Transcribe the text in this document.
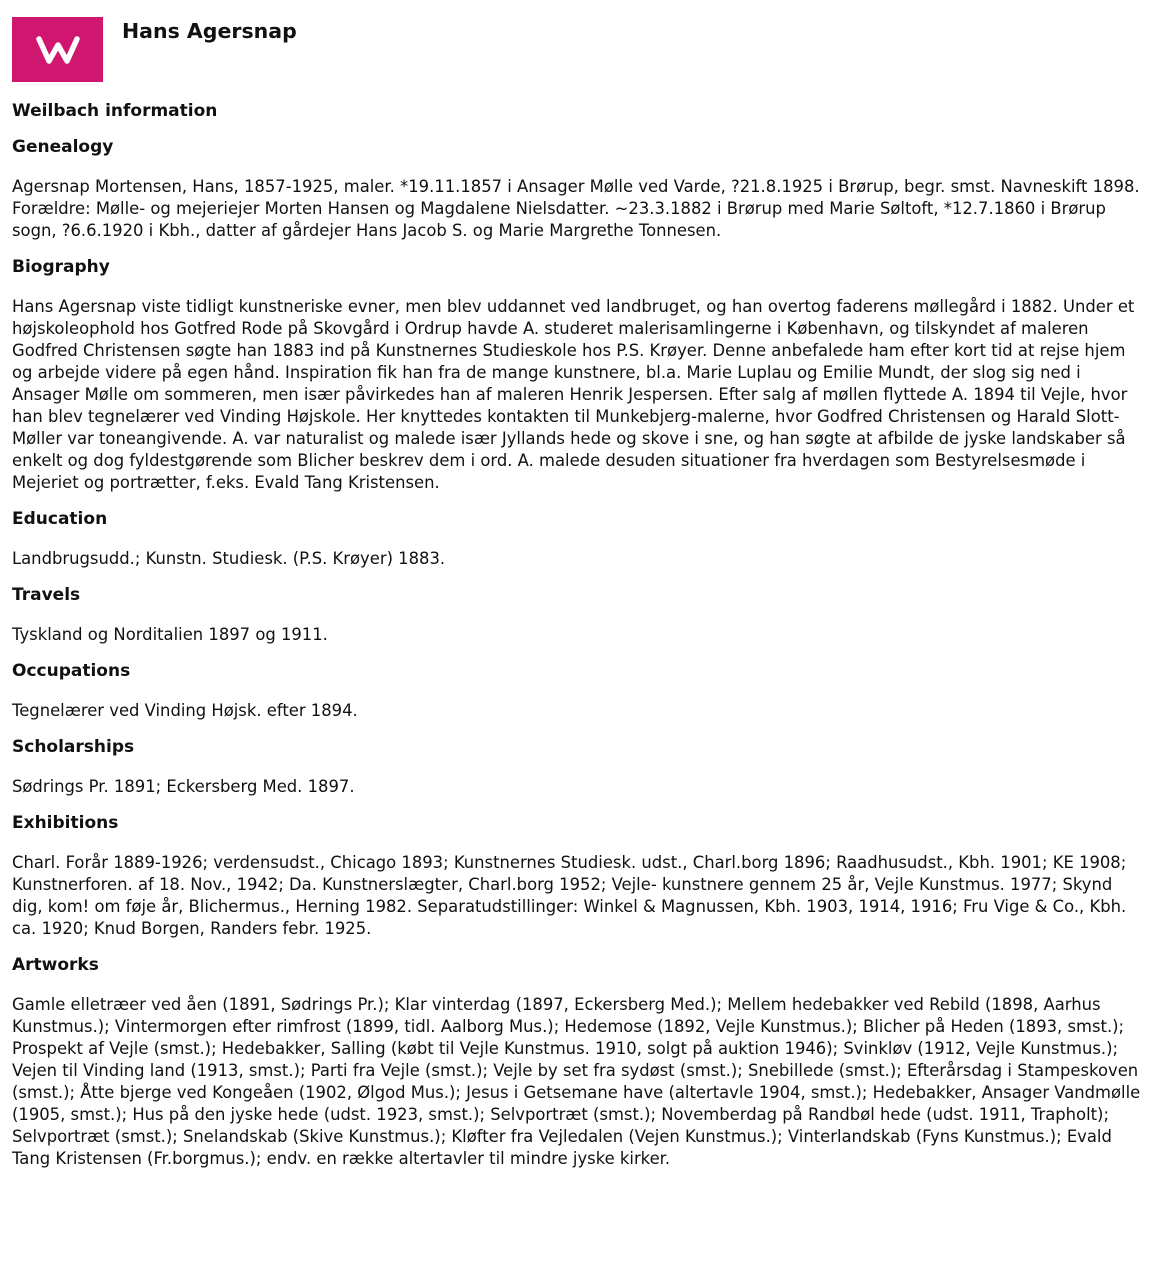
Hans Agersnap
Weilbach information
Genealogy

Agersnap Mortensen, Hans, 1857-1925, maler. *19.11.1857 i Ansager Mølle ved Varde, ?21.8.1925 i Brørup, begr. smst. Navneskift 1898. Forældre: Mølle- og mejeriejer Morten Hansen og Magdalene Nielsdatter. ~23.3.1882 i Brørup med Marie Søltoft, *12.7.1860 i Brørup sogn, ?6.6.1920 i Kbh., datter af gårdejer Hans Jacob S. og Marie Margrethe Tonnesen.

Biography

Hans Agersnap viste tidligt kunstneriske evner, men blev uddannet ved landbruget, og han overtog faderens møllegård i 1882. Under et højskoleophold hos Gotfred Rode på Skovgård i Ordrup havde A. studeret malerisamlingerne i København, og tilskyndet af maleren Godfred Christensen søgte han 1883 ind på Kunstnernes Studieskole hos P.S. Krøyer. Denne anbefalede ham efter kort tid at rejse hjem og arbejde videre på egen hånd. Inspiration fik han fra de mange kunstnere, bl.a. Marie Luplau og Emilie Mundt, der slog sig ned i Ansager Mølle om sommeren, men især påvirkedes han af maleren Henrik Jespersen. Efter salg af møllen flyttede A. 1894 til Vejle, hvor han blev tegnelærer ved Vinding Højskole. Her knyttedes kontakten til Munkebjerg-malerne, hvor Godfred Christensen og Harald Slott-Møller var toneangivende. A. var naturalist og malede især Jyllands hede og skove i sne, og han søgte at afbilde de jyske landskaber så enkelt og dog fyldestgørende som Blicher beskrev dem i ord. A. malede desuden situationer fra hverdagen som Bestyrelsesmøde i Mejeriet og portrætter, f.eks. Evald Tang Kristensen.

Education

Landbrugsudd.; Kunstn. Studiesk. (P.S. Krøyer) 1883.

Travels

Tyskland og Norditalien 1897 og 1911.

Occupations

Tegnelærer ved Vinding Højsk. efter 1894.

Scholarships

Sødrings Pr. 1891; Eckersberg Med. 1897.

Exhibitions

Charl. Forår 1889-1926; verdensudst., Chicago 1893; Kunstnernes Studiesk. udst., Charl.borg 1896; Raadhusudst., Kbh. 1901; KE 1908; Kunstnerforen. af 18. Nov., 1942; Da. Kunstnerslægter, Charl.borg 1952; Vejle- kunstnere gennem 25 år, Vejle Kunstmus. 1977; Skynd dig, kom! om føje år, Blichermus., Herning 1982. Separatudstillinger: Winkel & Magnussen, Kbh. 1903, 1914, 1916; Fru Vige & Co., Kbh. ca. 1920; Knud Borgen, Randers febr. 1925.

Artworks

Gamle elletræer ved åen (1891, Sødrings Pr.); Klar vinterdag (1897, Eckersberg Med.); Mellem hedebakker ved Rebild (1898, Aarhus Kunstmus.); Vintermorgen efter rimfrost (1899, tidl. Aalborg Mus.); Hedemose (1892, Vejle Kunstmus.); Blicher på Heden (1893, smst.); Prospekt af Vejle (smst.); Hedebakker, Salling (købt til Vejle Kunstmus. 1910, solgt på auktion 1946); Svinkløv (1912, Vejle Kunstmus.); Vejen til Vinding land (1913, smst.); Parti fra Vejle (smst.); Vejle by set fra sydøst (smst.); Snebillede (smst.); Efterårsdag i Stampeskoven (smst.); Åtte bjerge ved Kongeåen (1902, Ølgod Mus.); Jesus i Getsemane have (altertavle 1904, smst.); Hedebakker, Ansager Vandmølle (1905, smst.); Hus på den jyske hede (udst. 1923, smst.); Selvportræt (smst.); Novemberdag på Randbøl hede (udst. 1911, Trapholt); Selvportræt (smst.); Snelandskab (Skive Kunstmus.); Kløfter fra Vejledalen (Vejen Kunstmus.); Vinterlandskab (Fyns Kunstmus.); Evald Tang Kristensen (Fr.borgmus.); endv. en række altertavler til mindre jyske kirker.
